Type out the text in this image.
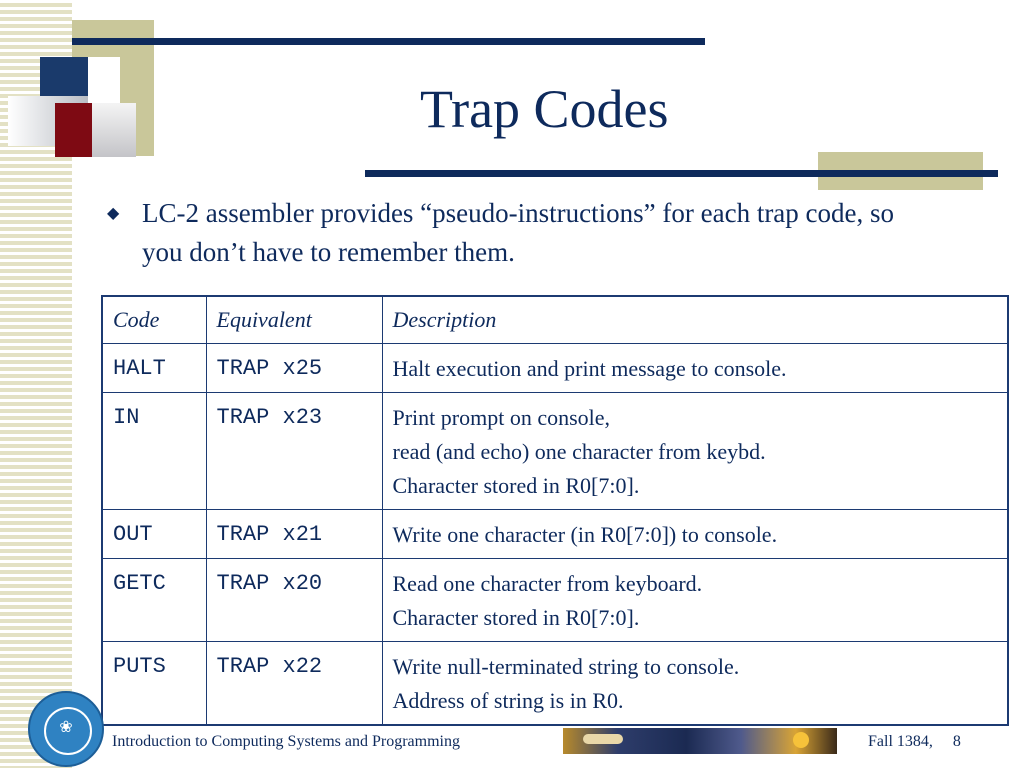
Trap Codes
◆ LC-2 assembler provides “pseudo-instructions” for each trap code, so you don’t have to remember them.
Code	Equivalent	Description
HALT	TRAP x25	Halt execution and print message to console.

IN	TRAP x23	Print prompt on console,
read (and echo) one character from keybd.
Character stored in R0[7:0].

OUT	TRAP x21	Write one character (in R0[7:0]) to console.

GETC	TRAP x20	Read one character from keyboard.
Character stored in R0[7:0].

PUTS	TRAP x22	Write null-terminated string to console.
Address of string is in R0.
❀
Introduction to Computing Systems and Programming	Fall 1384, 8
